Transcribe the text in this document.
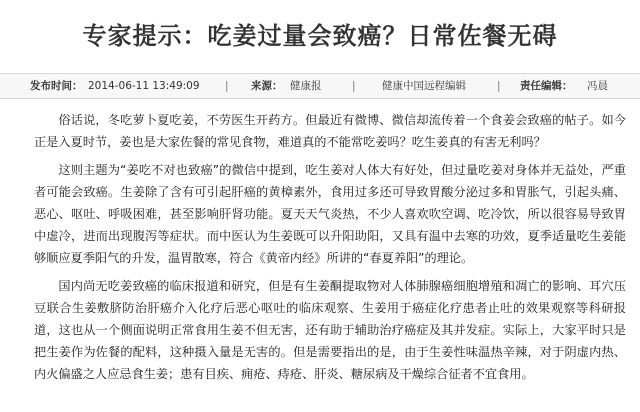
专家提示：吃姜过量会致癌？日常佐餐无碍
发布时间： 2014-06-11 13:49:09 | 来源： 健康报	|	健康中国远程编辑	| 责任编辑： 冯晨

俗话说，冬吃萝卜夏吃姜，不劳医生开药方。但最近有微博、微信却流传着一个食姜会致癌的帖子。如今正是入夏时节，姜也是大家佐餐的常见食物，难道真的不能常吃姜吗？吃生姜真的有害无利吗？

这则主题为“姜吃不对也致癌”的微信中提到，吃生姜对人体大有好处，但过量吃姜对身体并无益处，严重者可能会致癌。生姜除了含有可引起肝癌的黄樟素外，食用过多还可导致胃酸分泌过多和胃胀气，引起头痛、恶心、呕吐、呼吸困难，甚至影响肝肾功能。夏天天气炎热，不少人喜欢吹空调、吃冷饮，所以很容易导致胃中虚冷，进而出现腹泻等症状。而中医认为生姜既可以升阳助阳，又具有温中去寒的功效，夏季适量吃生姜能够顺应夏季阳气的升发，温胃散寒，符合《黄帝内经》所讲的“春夏养阳”的理论。

国内尚无吃姜致癌的临床报道和研究，但是有生姜酮提取物对人体肺腺癌细胞增殖和凋亡的影响、耳穴压豆联合生姜敷脐防治肝癌介入化疗后恶心呕吐的临床观察、生姜用于癌症化疗患者止吐的效果观察等科研报道，这也从一个侧面说明正常食用生姜不但无害，还有助于辅助治疗癌症及其并发症。实际上，大家平时只是把生姜作为佐餐的配料，这种摄入量是无害的。但是需要指出的是，由于生姜性味温热辛辣，对于阴虚内热、内火偏盛之人应忌食生姜；患有目疾、痈疮、痔疮、肝炎、糖尿病及干燥综合征者不宜食用。
